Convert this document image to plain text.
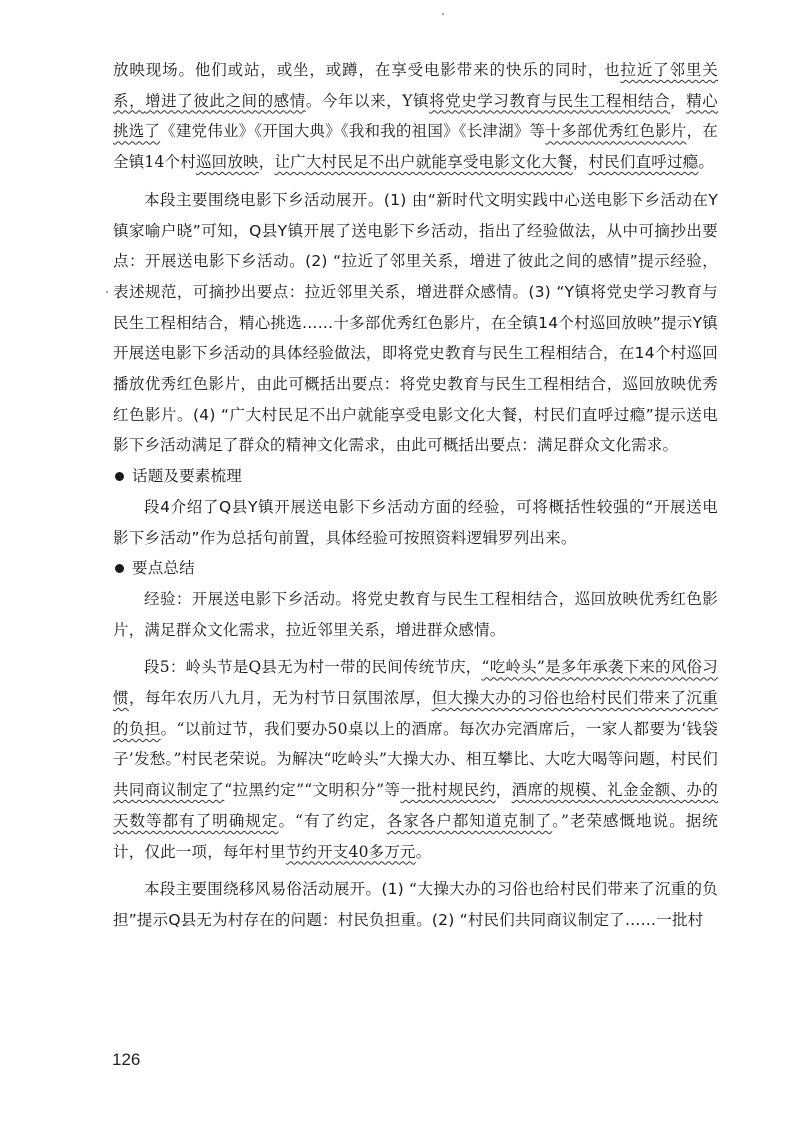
放映现场。他们或站，或坐，或蹲，在享受电影带来的快乐的同时，也拉近了邻里关系，增进了彼此之间的感情。今年以来，Y镇将党史学习教育与民生工程相结合，精心挑选了《建党伟业》《开国大典》《我和我的祖国》《长津湖》等十多部优秀红色影片，在全镇14个村巡回放映，让广大村民足不出户就能享受电影文化大餐，村民们直呼过瘾。

本段主要围绕电影下乡活动展开。(1) 由“新时代文明实践中心送电影下乡活动在Y镇家喻户晓”可知，Q县Y镇开展了送电影下乡活动，指出了经验做法，从中可摘抄出要点：开展送电影下乡活动。(2) “拉近了邻里关系，增进了彼此之间的感情”提示经验，表述规范，可摘抄出要点：拉近邻里关系，增进群众感情。(3) “Y镇将党史学习教育与民生工程相结合，精心挑选……十多部优秀红色影片，在全镇14个村巡回放映”提示Y镇开展送电影下乡活动的具体经验做法，即将党史教育与民生工程相结合，在14个村巡回播放优秀红色影片，由此可概括出要点：将党史教育与民生工程相结合，巡回放映优秀红色影片。(4) “广大村民足不出户就能享受电影文化大餐，村民们直呼过瘾”提示送电影下乡活动满足了群众的精神文化需求，由此可概括出要点：满足群众文化需求。

话题及要素梳理

段4介绍了Q县Y镇开展送电影下乡活动方面的经验，可将概括性较强的“开展送电影下乡活动”作为总括句前置，具体经验可按照资料逻辑罗列出来。

要点总结

经验：开展送电影下乡活动。将党史教育与民生工程相结合，巡回放映优秀红色影片，满足群众文化需求，拉近邻里关系，增进群众感情。

段5：岭头节是Q县无为村一带的民间传统节庆，“吃岭头”是多年承袭下来的风俗习惯，每年农历八九月，无为村节日氛围浓厚，但大操大办的习俗也给村民们带来了沉重的负担。“以前过节，我们要办50桌以上的酒席。每次办完酒席后，一家人都要为‘钱袋子’发愁。”村民老荣说。为解决“吃岭头”大操大办、相互攀比、大吃大喝等问题，村民们共同商议制定了“拉黑约定”“文明积分”等一批村规民约，酒席的规模、礼金金额、办的天数等都有了明确规定。“有了约定，各家各户都知道克制了。”老荣感慨地说。据统计，仅此一项，每年村里节约开支40多万元。

本段主要围绕移风易俗活动展开。(1) “大操大办的习俗也给村民们带来了沉重的负担”提示Q县无为村存在的问题：村民负担重。(2) “村民们共同商议制定了……一批村

126
